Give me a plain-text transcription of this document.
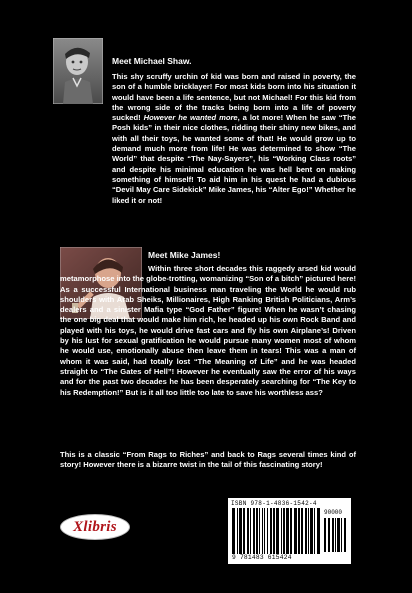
Meet Michael Shaw.

This shy scruffy urchin of kid was born and raised in poverty, the son of a humble bricklayer! For most kids born into his situation it would have been a life sentence, but not Michael! For this kid from the wrong side of the tracks being born into a life of poverty sucked! However he wanted more, a lot more! When he saw “The Posh kids” in their nice clothes, ridding their shiny new bikes, and with all their toys, he wanted some of that! He would grow up to demand much more from life! He was determined to show “The World” that despite “The Nay-Sayers”, his “Working Class roots” and despite his minimal education he was hell bent on making something of himself! To aid him in his quest he had a dubious “Devil May Care Sidekick” Mike James, his “Alter Ego!” Whether he liked it or not!

Meet Mike James!

Within three short decades this raggedy arsed kid would metamorphose into the globe-trotting, womanizing “Son of a bitch” pictured here! As a successful International business man traveling the World he would rub shoulders with Arab Sheiks, Millionaires, High Ranking British Politicians, Arm’s dealers and a sinister Mafia type “God Father” figure! When he wasn’t chasing the one big deal that would make him rich, he headed up his own Rock Band and played with his toys, he would drive fast cars and fly his own Airplane’s! Driven by his lust for sexual gratification he would pursue many women most of whom he would use, emotionally abuse then leave them in tears! This was a man of whom it was said, had totally lost “The Meaning of Life” and he was headed straight to “The Gates of Hell”! However he eventually saw the error of his ways and for the past two decades he has been desperately searching for “The Key to his Redemption!” But is it all too little too late to save his worthless ass?

This is a classic “From Rags to Riches” and back to Rags several times kind of story! However there is a bizarre twist in the tail of this fascinating story!

Xlibris
ISBN 978-1-4836-1542-4
90000
9 781483 615424
